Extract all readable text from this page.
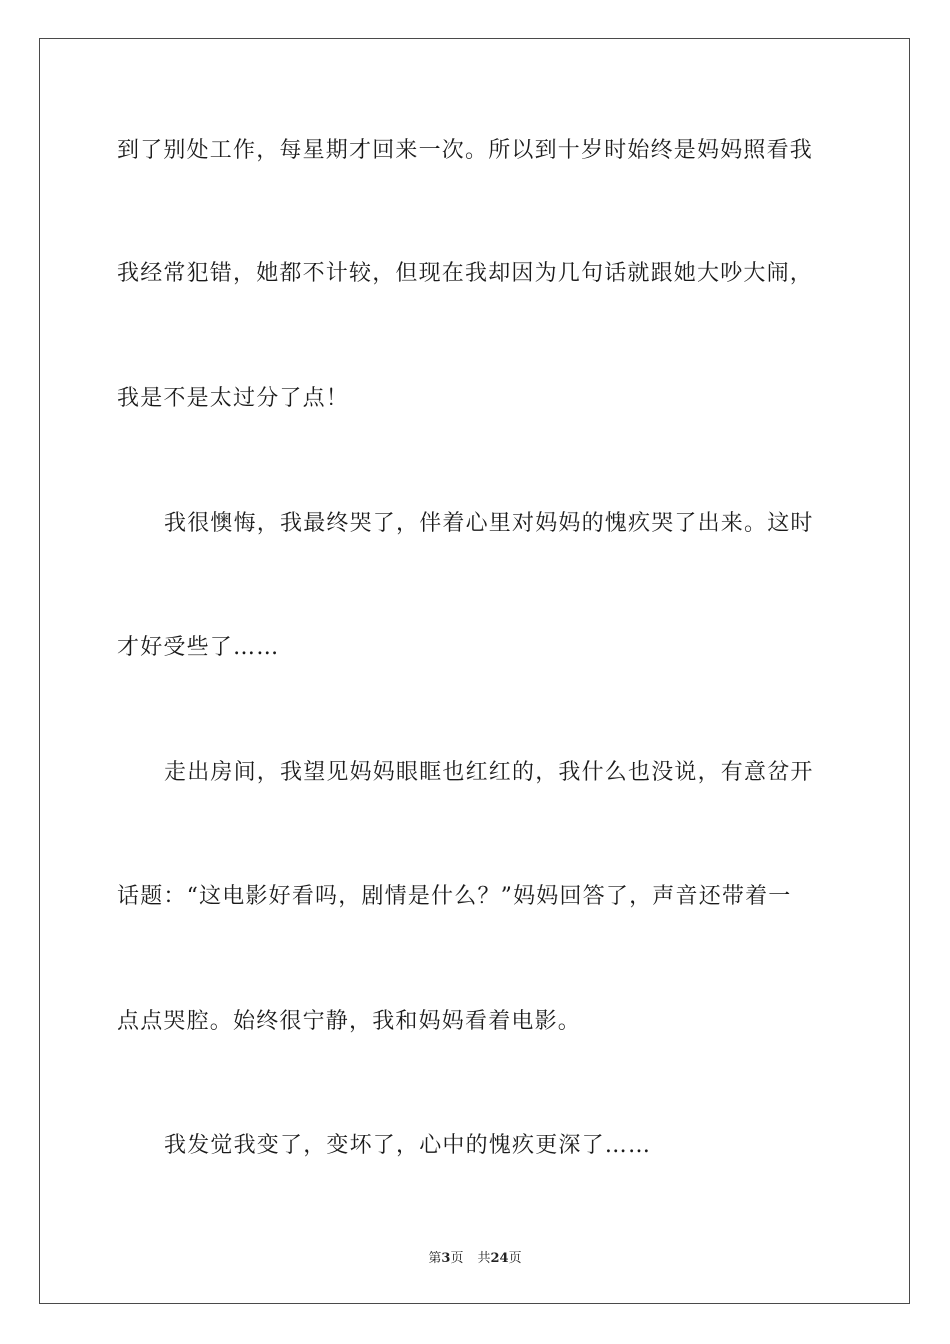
到了别处工作，每星期才回来一次。所以到十岁时始终是妈妈照看我
我经常犯错，她都不计较，但现在我却因为几句话就跟她大吵大闹，
我是不是太过分了点！
我很懊悔，我最终哭了，伴着心里对妈妈的愧疚哭了出来。这时
才好受些了……
走出房间，我望见妈妈眼眶也红红的，我什么也没说，有意岔开
话题：“这电影好看吗，剧情是什么？”妈妈回答了，声音还带着一
点点哭腔。始终很宁静，我和妈妈看着电影。
我发觉我变了，变坏了，心中的愧疚更深了……
第3页 共24页
